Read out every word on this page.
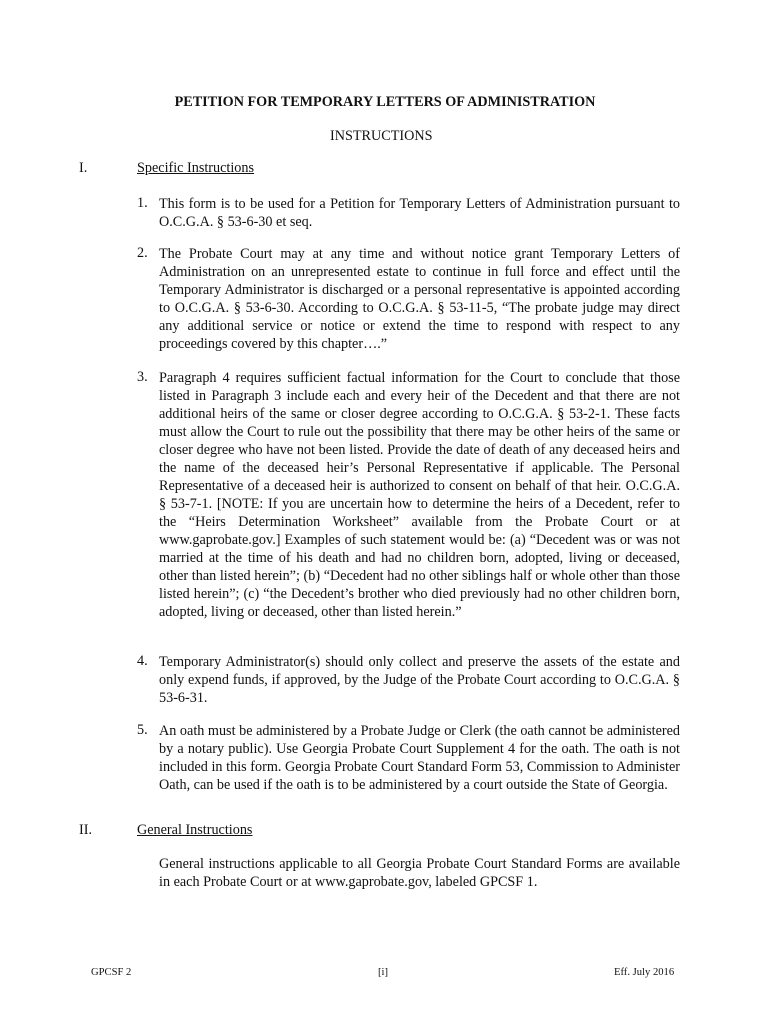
PETITION FOR TEMPORARY LETTERS OF ADMINISTRATION
INSTRUCTIONS
I.	Specific Instructions
1. This form is to be used for a Petition for Temporary Letters of Administration pursuant to O.C.G.A. § 53-6-30 et seq.
2. The Probate Court may at any time and without notice grant Temporary Letters of Administration on an unrepresented estate to continue in full force and effect until the Temporary Administrator is discharged or a personal representative is appointed according to O.C.G.A. § 53-6-30. According to O.C.G.A. § 53-11-5, “The probate judge may direct any additional service or notice or extend the time to respond with respect to any proceedings covered by this chapter….”
3. Paragraph 4 requires sufficient factual information for the Court to conclude that those listed in Paragraph 3 include each and every heir of the Decedent and that there are not additional heirs of the same or closer degree according to O.C.G.A. § 53-2-1. These facts must allow the Court to rule out the possibility that there may be other heirs of the same or closer degree who have not been listed. Provide the date of death of any deceased heirs and the name of the deceased heir’s Personal Representative if applicable. The Personal Representative of a deceased heir is authorized to consent on behalf of that heir. O.C.G.A. § 53-7-1. [NOTE: If you are uncertain how to determine the heirs of a Decedent, refer to the “Heirs Determination Worksheet” available from the Probate Court or at www.gaprobate.gov.] Examples of such statement would be: (a) “Decedent was or was not married at the time of his death and had no children born, adopted, living or deceased, other than listed herein”; (b) “Decedent had no other siblings half or whole other than those listed herein”; (c) “the Decedent’s brother who died previously had no other children born, adopted, living or deceased, other than listed herein.”
4. Temporary Administrator(s) should only collect and preserve the assets of the estate and only expend funds, if approved, by the Judge of the Probate Court according to O.C.G.A. § 53-6-31.
5. An oath must be administered by a Probate Judge or Clerk (the oath cannot be administered by a notary public). Use Georgia Probate Court Supplement 4 for the oath. The oath is not included in this form. Georgia Probate Court Standard Form 53, Commission to Administer Oath, can be used if the oath is to be administered by a court outside the State of Georgia.
II.	General Instructions
General instructions applicable to all Georgia Probate Court Standard Forms are available in each Probate Court or at www.gaprobate.gov, labeled GPCSF 1.
GPCSF 2	[i]	Eff. July 2016
